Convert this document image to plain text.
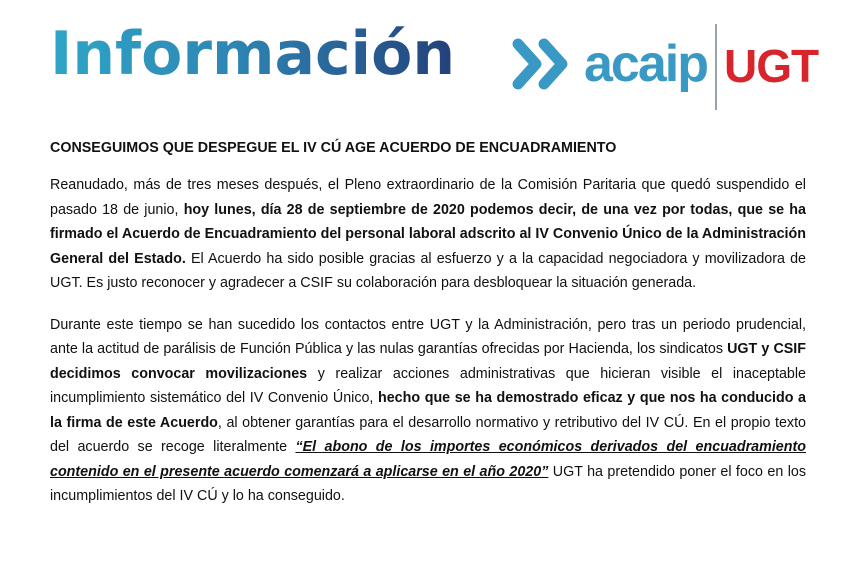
Información acaip UGT
CONSEGUIMOS QUE DESPEGUE EL IV CÚ AGE ACUERDO DE ENCUADRAMIENTO

Reanudado, más de tres meses después, el Pleno extraordinario de la Comisión Paritaria que quedó suspendido el pasado 18 de junio, hoy lunes, día 28 de septiembre de 2020 podemos decir, de una vez por todas, que se ha firmado el Acuerdo de Encuadramiento del personal laboral adscrito al IV Convenio Único de la Administración General del Estado. El Acuerdo ha sido posible gracias al esfuerzo y a la capacidad negociadora y movilizadora de UGT. Es justo reconocer y agradecer a CSIF su colaboración para desbloquear la situación generada.

Durante este tiempo se han sucedido los contactos entre UGT y la Administración, pero tras un periodo prudencial, ante la actitud de parálisis de Función Pública y las nulas garantías ofrecidas por Hacienda, los sindicatos UGT y CSIF decidimos convocar movilizaciones y realizar acciones administrativas que hicieran visible el inaceptable incumplimiento sistemático del IV Convenio Único, hecho que se ha demostrado eficaz y que nos ha conducido a la firma de este Acuerdo, al obtener garantías para el desarrollo normativo y retributivo del IV CÚ. En el propio texto del acuerdo se recoge literalmente “El abono de los importes económicos derivados del encuadramiento contenido en el presente acuerdo comenzará a aplicarse en el año 2020” UGT ha pretendido poner el foco en los incumplimientos del IV CÚ y lo ha conseguido.
